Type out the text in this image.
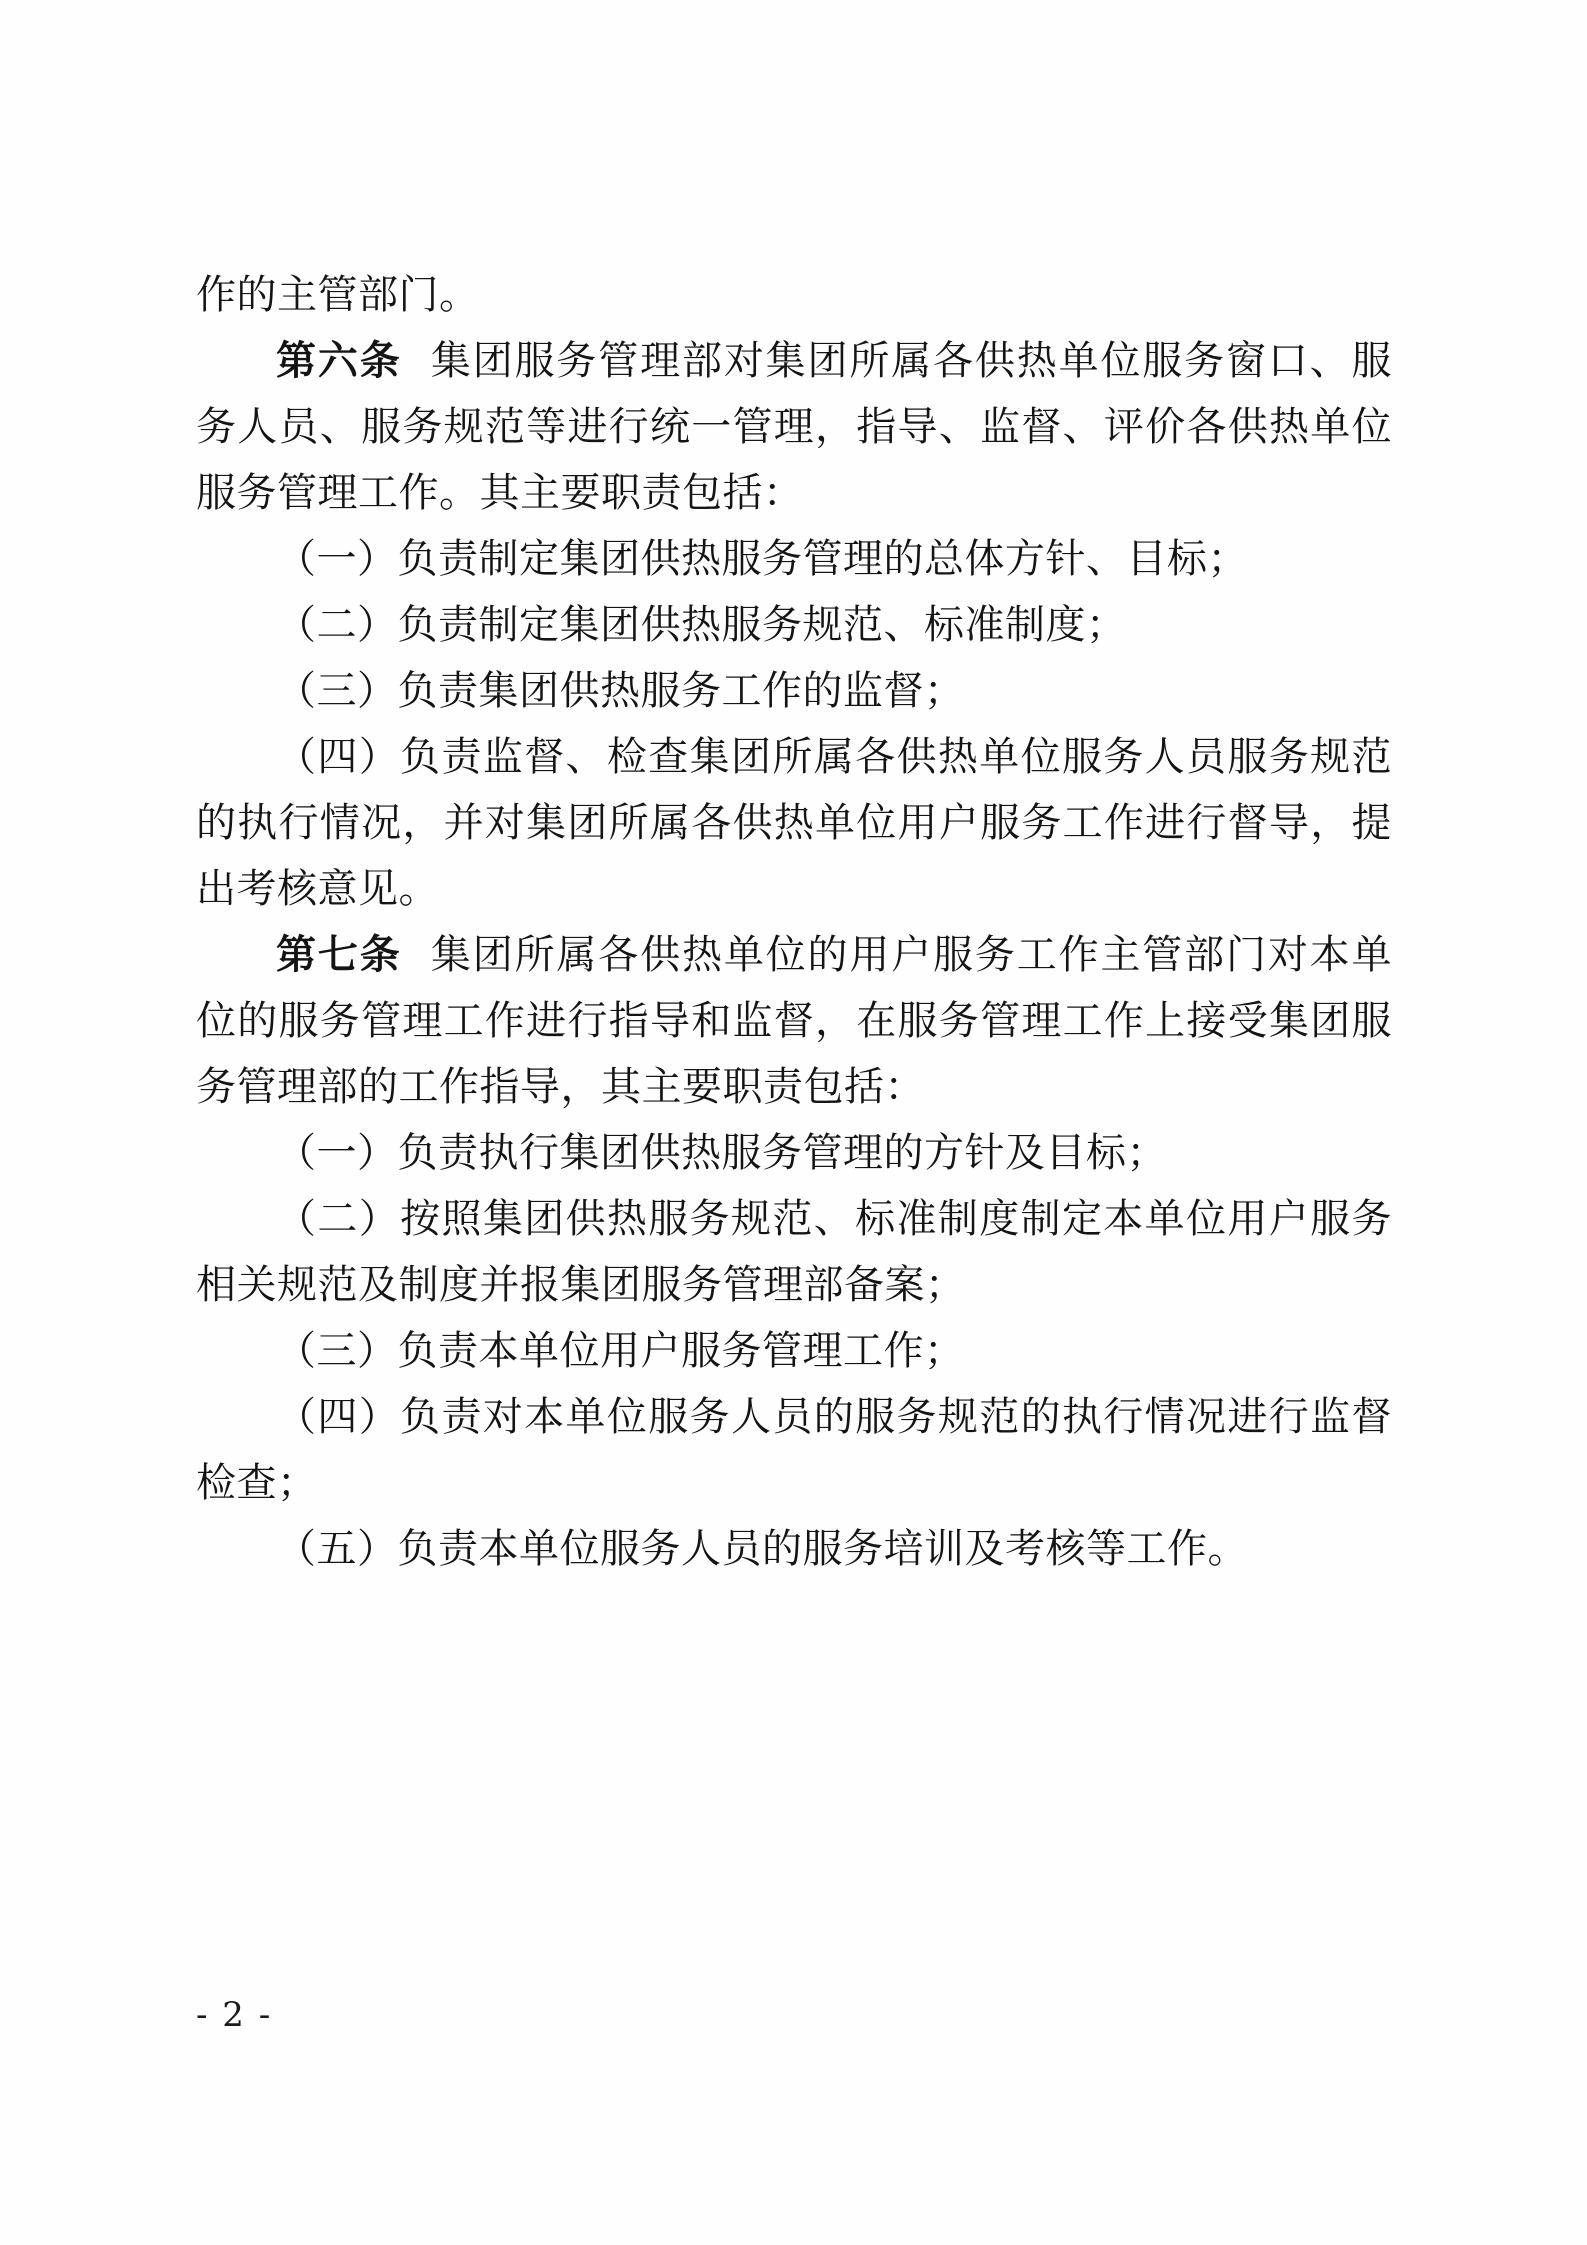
作的主管部门。

第六条 集团服务管理部对集团所属各供热单位服务窗口、服务人员、服务规范等进行统一管理，指导、监督、评价各供热单位服务管理工作。其主要职责包括：

（一）负责制定集团供热服务管理的总体方针、目标；

（二）负责制定集团供热服务规范、标准制度；

（三）负责集团供热服务工作的监督；

（四）负责监督、检查集团所属各供热单位服务人员服务规范的执行情况，并对集团所属各供热单位用户服务工作进行督导，提出考核意见。

第七条 集团所属各供热单位的用户服务工作主管部门对本单位的服务管理工作进行指导和监督，在服务管理工作上接受集团服务管理部的工作指导，其主要职责包括：

（一）负责执行集团供热服务管理的方针及目标；

（二）按照集团供热服务规范、标准制度制定本单位用户服务相关规范及制度并报集团服务管理部备案；

（三）负责本单位用户服务管理工作；

（四）负责对本单位服务人员的服务规范的执行情况进行监督检查；

（五）负责本单位服务人员的服务培训及考核等工作。

- 2 -
